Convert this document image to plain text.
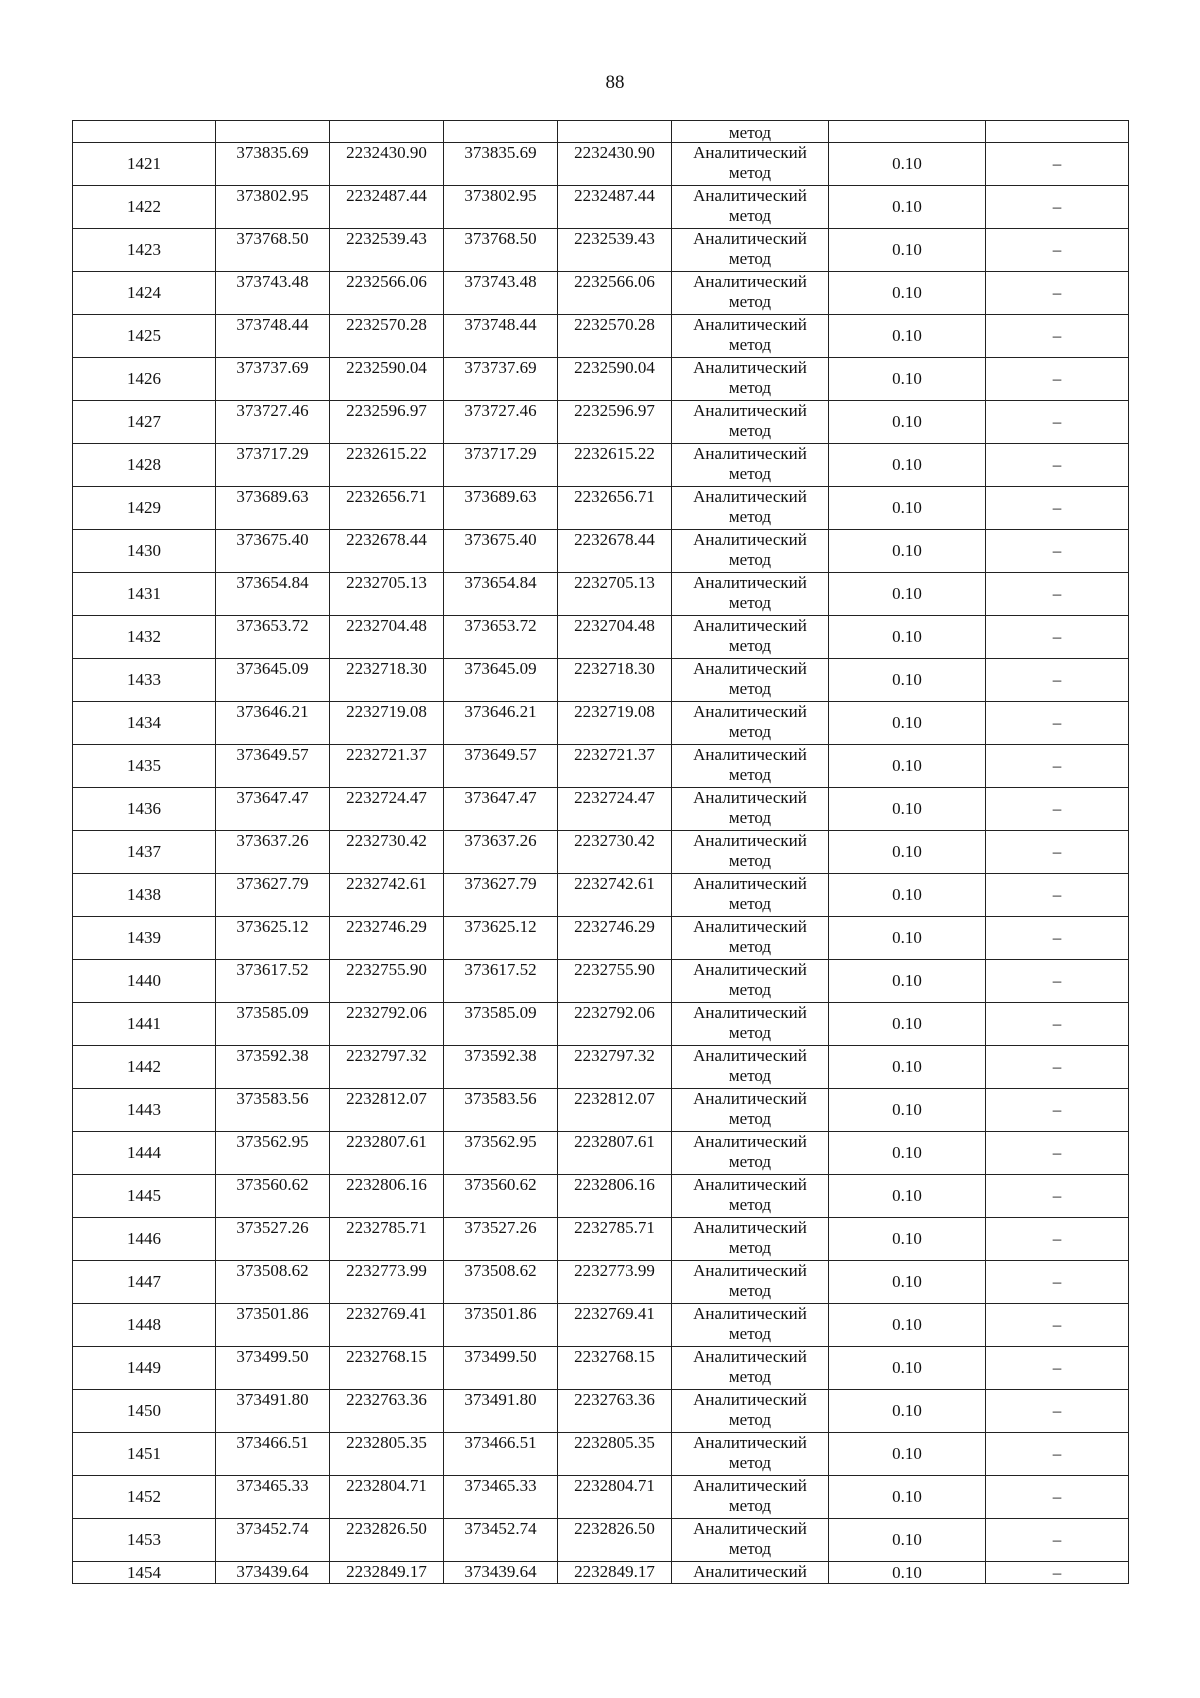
88
					метод		
1421	373835.69	2232430.90	373835.69	2232430.90	Аналитический
метод	0.10	–
1422	373802.95	2232487.44	373802.95	2232487.44	Аналитический
метод	0.10	–
1423	373768.50	2232539.43	373768.50	2232539.43	Аналитический
метод	0.10	–
1424	373743.48	2232566.06	373743.48	2232566.06	Аналитический
метод	0.10	–
1425	373748.44	2232570.28	373748.44	2232570.28	Аналитический
метод	0.10	–
1426	373737.69	2232590.04	373737.69	2232590.04	Аналитический
метод	0.10	–
1427	373727.46	2232596.97	373727.46	2232596.97	Аналитический
метод	0.10	–
1428	373717.29	2232615.22	373717.29	2232615.22	Аналитический
метод	0.10	–
1429	373689.63	2232656.71	373689.63	2232656.71	Аналитический
метод	0.10	–
1430	373675.40	2232678.44	373675.40	2232678.44	Аналитический
метод	0.10	–
1431	373654.84	2232705.13	373654.84	2232705.13	Аналитический
метод	0.10	–
1432	373653.72	2232704.48	373653.72	2232704.48	Аналитический
метод	0.10	–
1433	373645.09	2232718.30	373645.09	2232718.30	Аналитический
метод	0.10	–
1434	373646.21	2232719.08	373646.21	2232719.08	Аналитический
метод	0.10	–
1435	373649.57	2232721.37	373649.57	2232721.37	Аналитический
метод	0.10	–
1436	373647.47	2232724.47	373647.47	2232724.47	Аналитический
метод	0.10	–
1437	373637.26	2232730.42	373637.26	2232730.42	Аналитический
метод	0.10	–
1438	373627.79	2232742.61	373627.79	2232742.61	Аналитический
метод	0.10	–
1439	373625.12	2232746.29	373625.12	2232746.29	Аналитический
метод	0.10	–
1440	373617.52	2232755.90	373617.52	2232755.90	Аналитический
метод	0.10	–
1441	373585.09	2232792.06	373585.09	2232792.06	Аналитический
метод	0.10	–
1442	373592.38	2232797.32	373592.38	2232797.32	Аналитический
метод	0.10	–
1443	373583.56	2232812.07	373583.56	2232812.07	Аналитический
метод	0.10	–
1444	373562.95	2232807.61	373562.95	2232807.61	Аналитический
метод	0.10	–
1445	373560.62	2232806.16	373560.62	2232806.16	Аналитический
метод	0.10	–
1446	373527.26	2232785.71	373527.26	2232785.71	Аналитический
метод	0.10	–
1447	373508.62	2232773.99	373508.62	2232773.99	Аналитический
метод	0.10	–
1448	373501.86	2232769.41	373501.86	2232769.41	Аналитический
метод	0.10	–
1449	373499.50	2232768.15	373499.50	2232768.15	Аналитический
метод	0.10	–
1450	373491.80	2232763.36	373491.80	2232763.36	Аналитический
метод	0.10	–
1451	373466.51	2232805.35	373466.51	2232805.35	Аналитический
метод	0.10	–
1452	373465.33	2232804.71	373465.33	2232804.71	Аналитический
метод	0.10	–
1453	373452.74	2232826.50	373452.74	2232826.50	Аналитический
метод	0.10	–
1454	373439.64	2232849.17	373439.64	2232849.17	Аналитический	0.10	–
